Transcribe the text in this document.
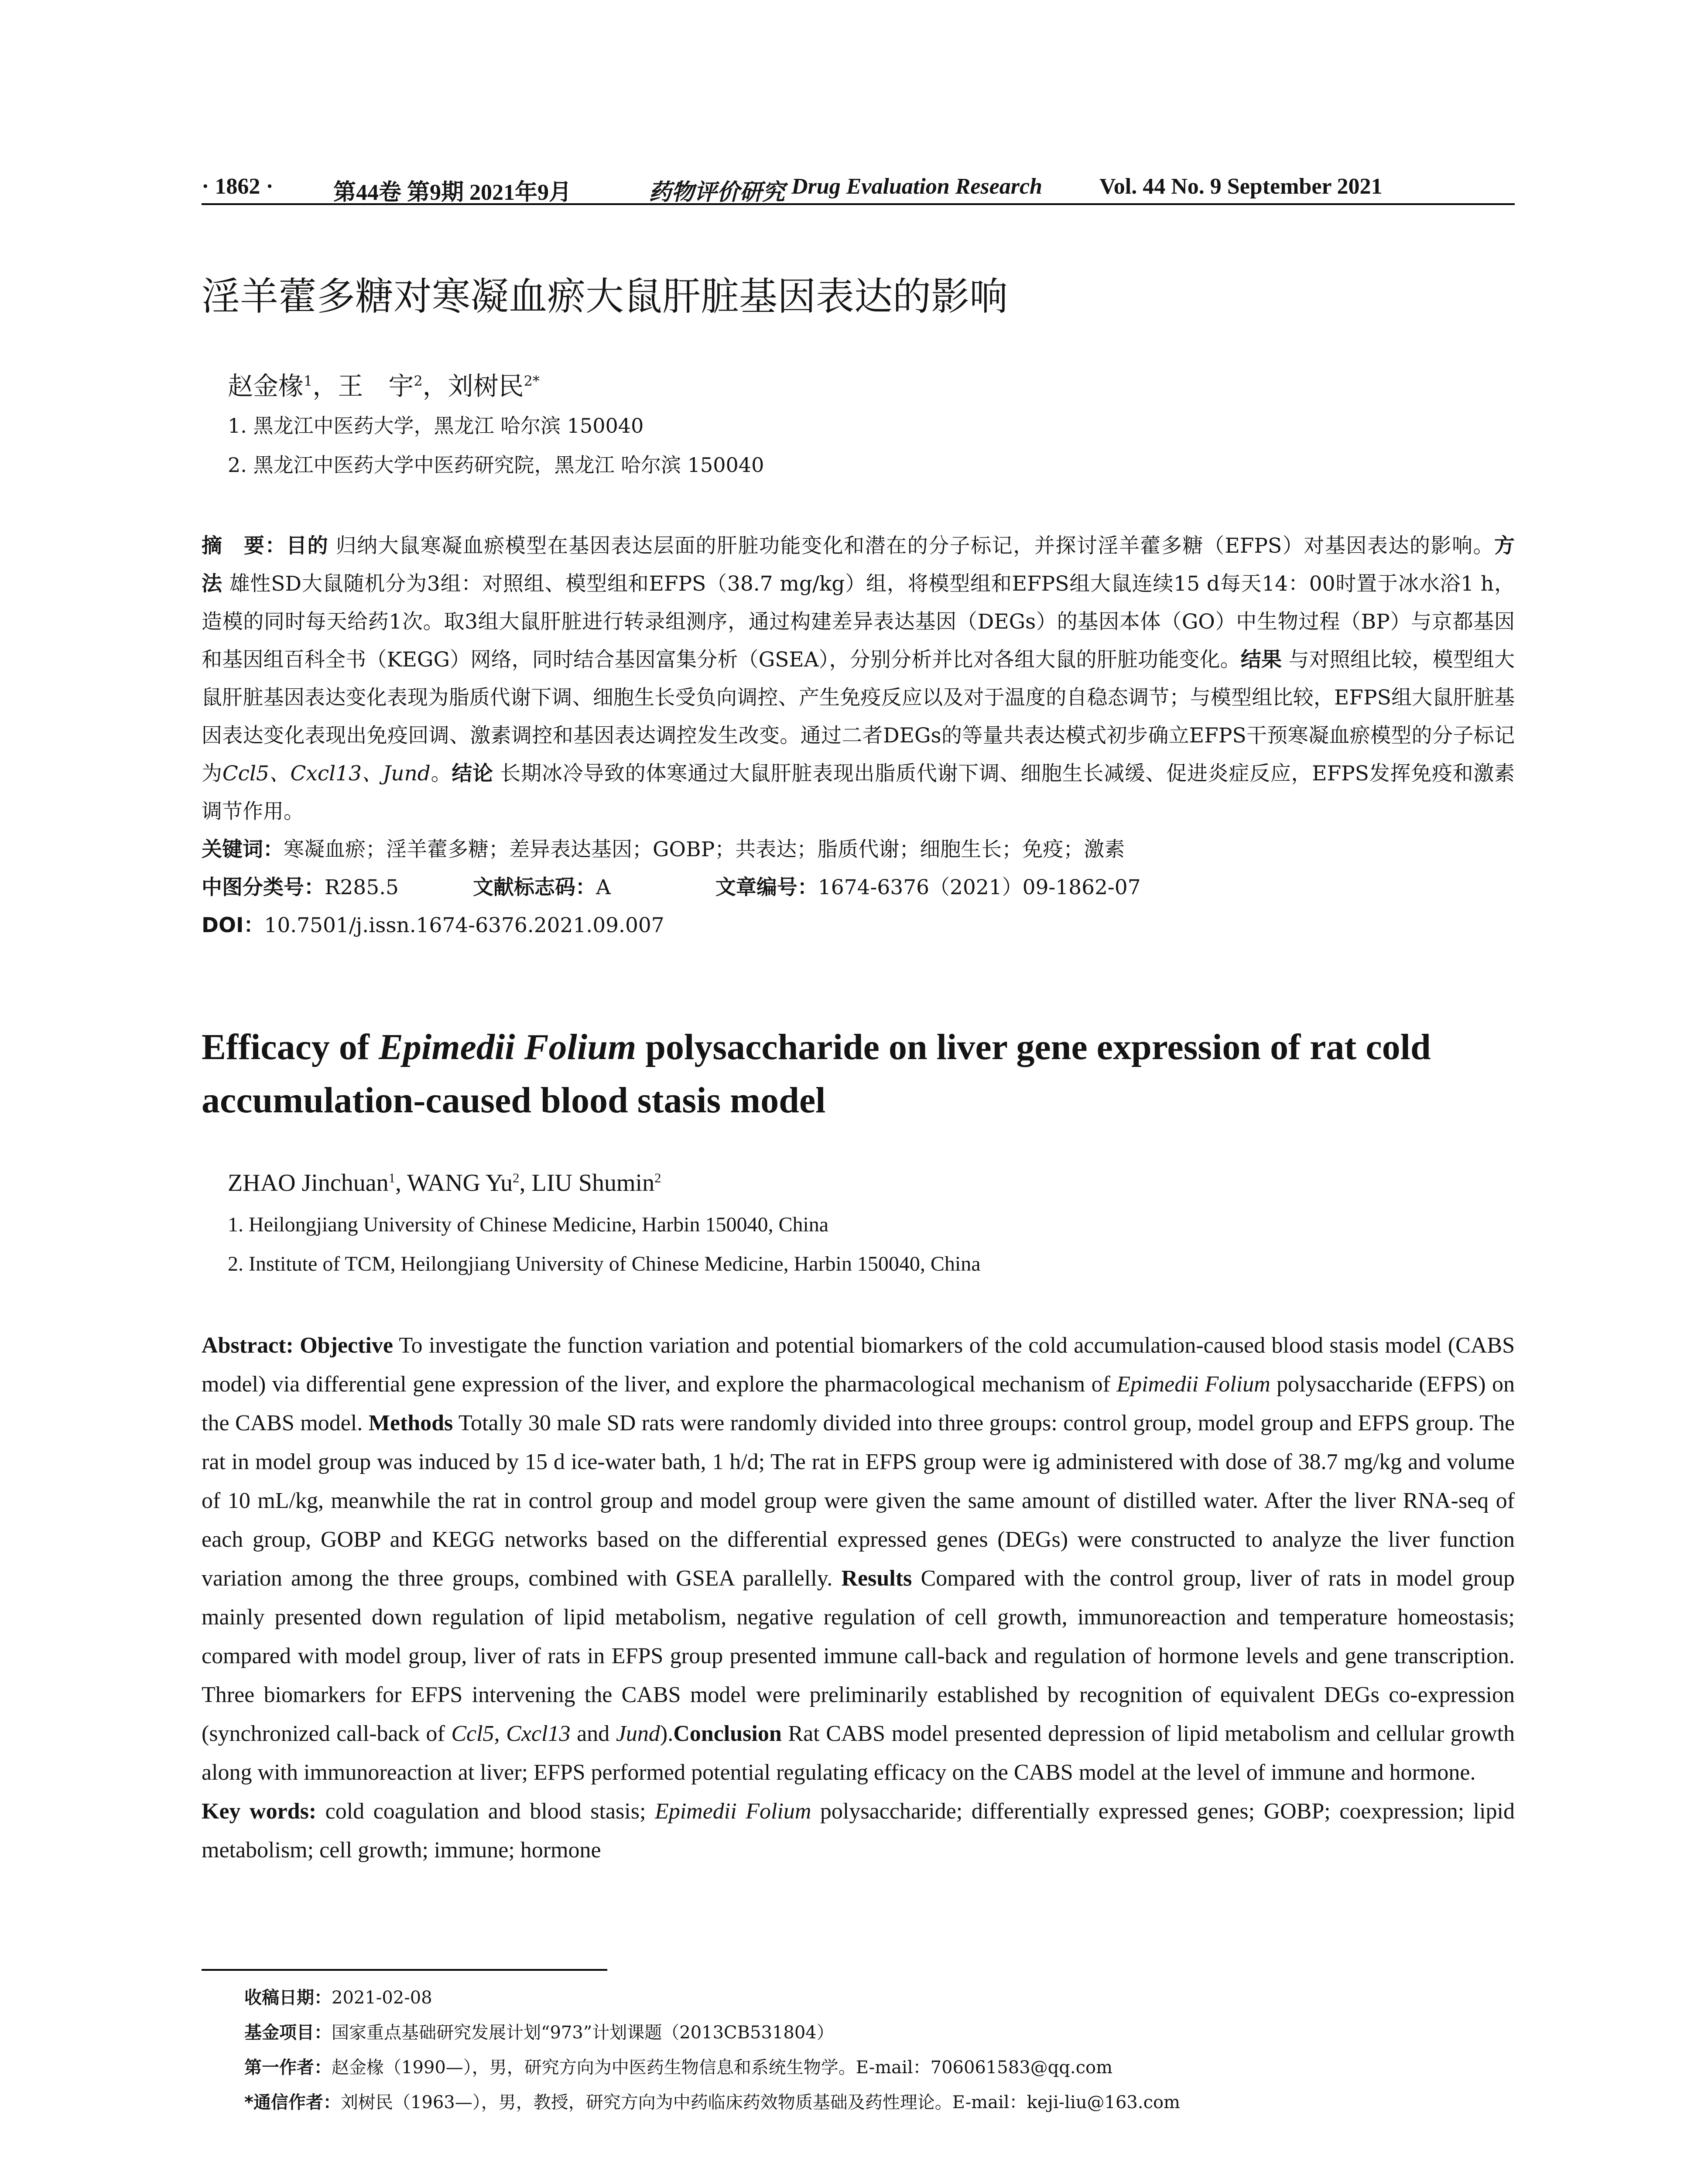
· 1862 ·	第44卷 第9期 2021年9月	药物评价研究 Drug Evaluation Research	Vol. 44 No. 9 September 2021
淫羊藿多糖对寒凝血瘀大鼠肝脏基因表达的影响
赵金椽$^1$，王　宇$^2$，刘树民$^{2*}$
1. 黑龙江中医药大学，黑龙江 哈尔滨 150040
2. 黑龙江中医药大学中医药研究院，黑龙江 哈尔滨 150040
摘　要：目的 归纳大鼠寒凝血瘀模型在基因表达层面的肝脏功能变化和潜在的分子标记，并探讨淫羊藿多糖（EFPS）对基因表达的影响。方法 雄性SD大鼠随机分为3组：对照组、模型组和EFPS（38.7 mg/kg）组，将模型组和EFPS组大鼠连续15 d每天14：00时置于冰水浴1 h，造模的同时每天给药1次。取3组大鼠肝脏进行转录组测序，通过构建差异表达基因（DEGs）的基因本体（GO）中生物过程（BP）与京都基因和基因组百科全书（KEGG）网络，同时结合基因富集分析（GSEA），分别分析并比对各组大鼠的肝脏功能变化。结果 与对照组比较，模型组大鼠肝脏基因表达变化表现为脂质代谢下调、细胞生长受负向调控、产生免疫反应以及对于温度的自稳态调节；与模型组比较，EFPS组大鼠肝脏基因表达变化表现出免疫回调、激素调控和基因表达调控发生改变。通过二者DEGs的等量共表达模式初步确立EFPS干预寒凝血瘀模型的分子标记为Ccl5、Cxcl13、Jund。结论 长期冰冷导致的体寒通过大鼠肝脏表现出脂质代谢下调、细胞生长减缓、促进炎症反应，EFPS发挥免疫和激素调节作用。
关键词：寒凝血瘀；淫羊藿多糖；差异表达基因；GOBP；共表达；脂质代谢；细胞生长；免疫；激素
中图分类号：R285.5	文献标志码：A	文章编号：1674-6376（2021）09-1862-07
DOI：10.7501/j.issn.1674-6376.2021.09.007
Efficacy of Epimedii Folium polysaccharide on liver gene expression of rat cold accumulation-caused blood stasis model
ZHAO Jinchuan$^1$, WANG Yu$^2$, LIU Shumin$^2$
1. Heilongjiang University of Chinese Medicine, Harbin 150040, China
2. Institute of TCM, Heilongjiang University of Chinese Medicine, Harbin 150040, China
Abstract: Objective To investigate the function variation and potential biomarkers of the cold accumulation-caused blood stasis model (CABS model) via differential gene expression of the liver, and explore the pharmacological mechanism of Epimedii Folium polysaccharide (EFPS) on the CABS model. Methods Totally 30 male SD rats were randomly divided into three groups: control group, model group and EFPS group. The rat in model group was induced by 15 d ice-water bath, 1 h/d; The rat in EFPS group were ig administered with dose of 38.7 mg/kg and volume of 10 mL/kg, meanwhile the rat in control group and model group were given the same amount of distilled water. After the liver RNA-seq of each group, GOBP and KEGG networks based on the differential expressed genes (DEGs) were constructed to analyze the liver function variation among the three groups, combined with GSEA parallelly. Results Compared with the control group, liver of rats in model group mainly presented down regulation of lipid metabolism, negative regulation of cell growth, immunoreaction and temperature homeostasis; compared with model group, liver of rats in EFPS group presented immune call-back and regulation of hormone levels and gene transcription. Three biomarkers for EFPS intervening the CABS model were preliminarily established by recognition of equivalent DEGs co-expression (synchronized call-back of Ccl5, Cxcl13 and Jund).Conclusion Rat CABS model presented depression of lipid metabolism and cellular growth along with immunoreaction at liver; EFPS performed potential regulating efficacy on the CABS model at the level of immune and hormone.
Key words: cold coagulation and blood stasis; Epimedii Folium polysaccharide; differentially expressed genes; GOBP; coexpression; lipid metabolism; cell growth; immune; hormone
收稿日期：2021-02-08
基金项目：国家重点基础研究发展计划“973”计划课题（2013CB531804）
第一作者：赵金椽（1990—），男，研究方向为中医药生物信息和系统生物学。E-mail：706061583@qq.com
*通信作者：刘树民（1963—），男，教授，研究方向为中药临床药效物质基础及药性理论。E-mail：keji-liu@163.com
